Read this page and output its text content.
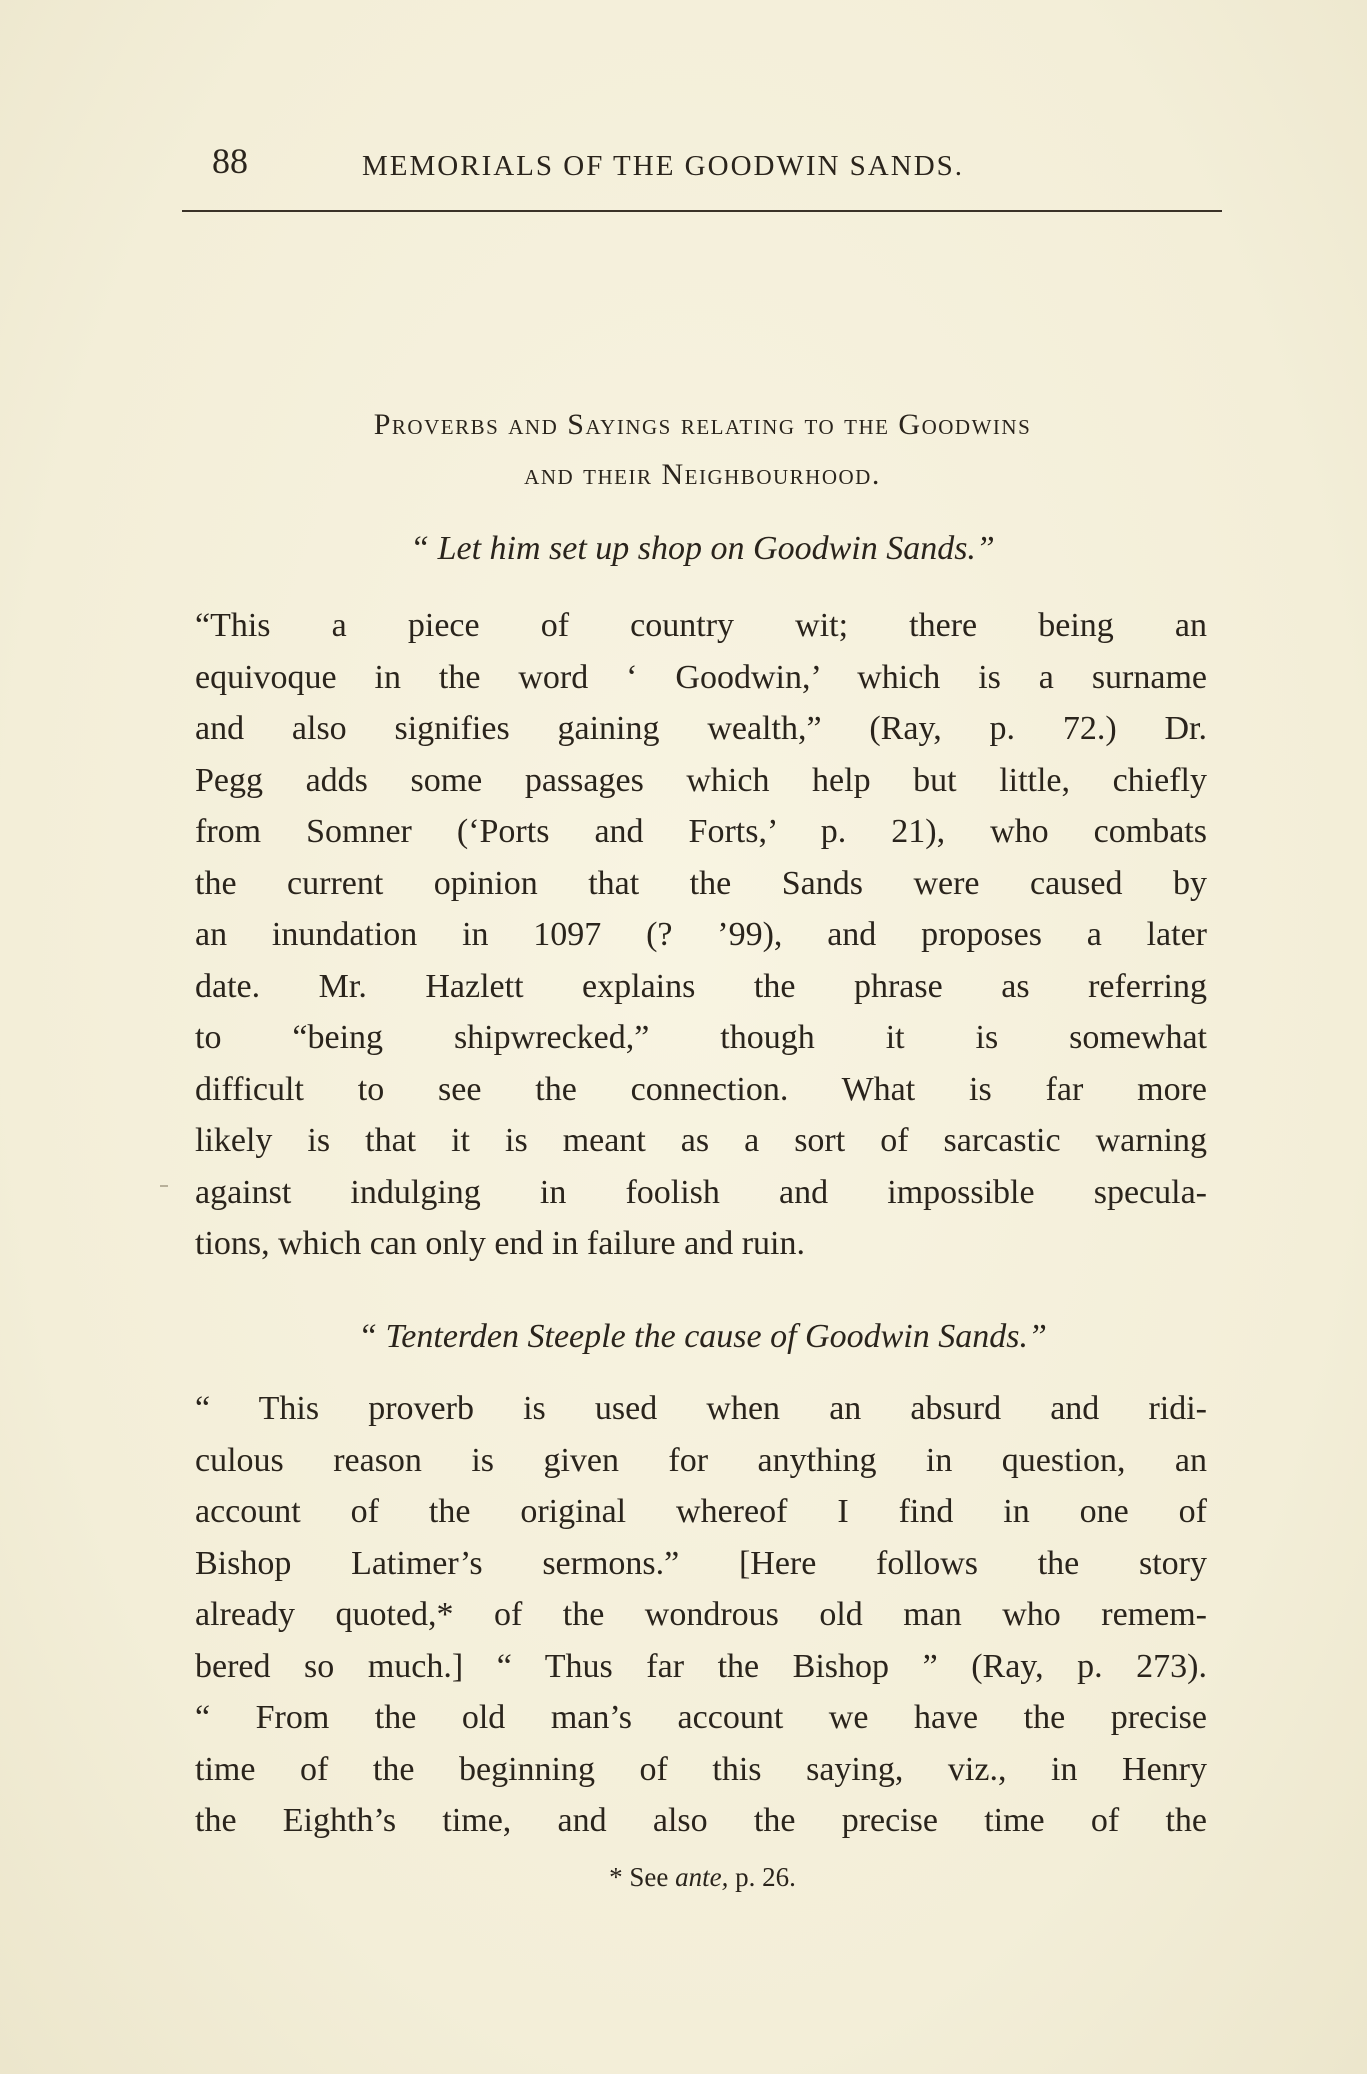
88	MEMORIALS OF THE GOODWIN SANDS.
Proverbs and Sayings relating to the Goodwins
and their Neighbourhood.
“ Let him set up shop on Goodwin Sands.”
“This a piece of country wit; there being an
equivoque in the word ‘ Goodwin,’ which is a surname
and also signifies gaining wealth,” (Ray, p. 72.) Dr.
Pegg adds some passages which help but little, chiefly
from Somner (‘Ports and Forts,’ p. 21), who combats
the current opinion that the Sands were caused by
an inundation in 1097 (? ’99), and proposes a later
date. Mr. Hazlett explains the phrase as referring
to “being shipwrecked,” though it is somewhat
difficult to see the connection. What is far more
likely is that it is meant as a sort of sarcastic warning
against indulging in foolish and impossible specula-
tions, which can only end in failure and ruin.
“ Tenterden Steeple the cause of Goodwin Sands.”
“ This proverb is used when an absurd and ridi-
culous reason is given for anything in question, an
account of the original whereof I find in one of
Bishop Latimer’s sermons.” [Here follows the story
already quoted,* of the wondrous old man who remem-
bered so much.] “ Thus far the Bishop ” (Ray, p. 273).
“ From the old man’s account we have the precise
time of the beginning of this saying, viz., in Henry
the Eighth’s time, and also the precise time of the
* See ante, p. 26.
